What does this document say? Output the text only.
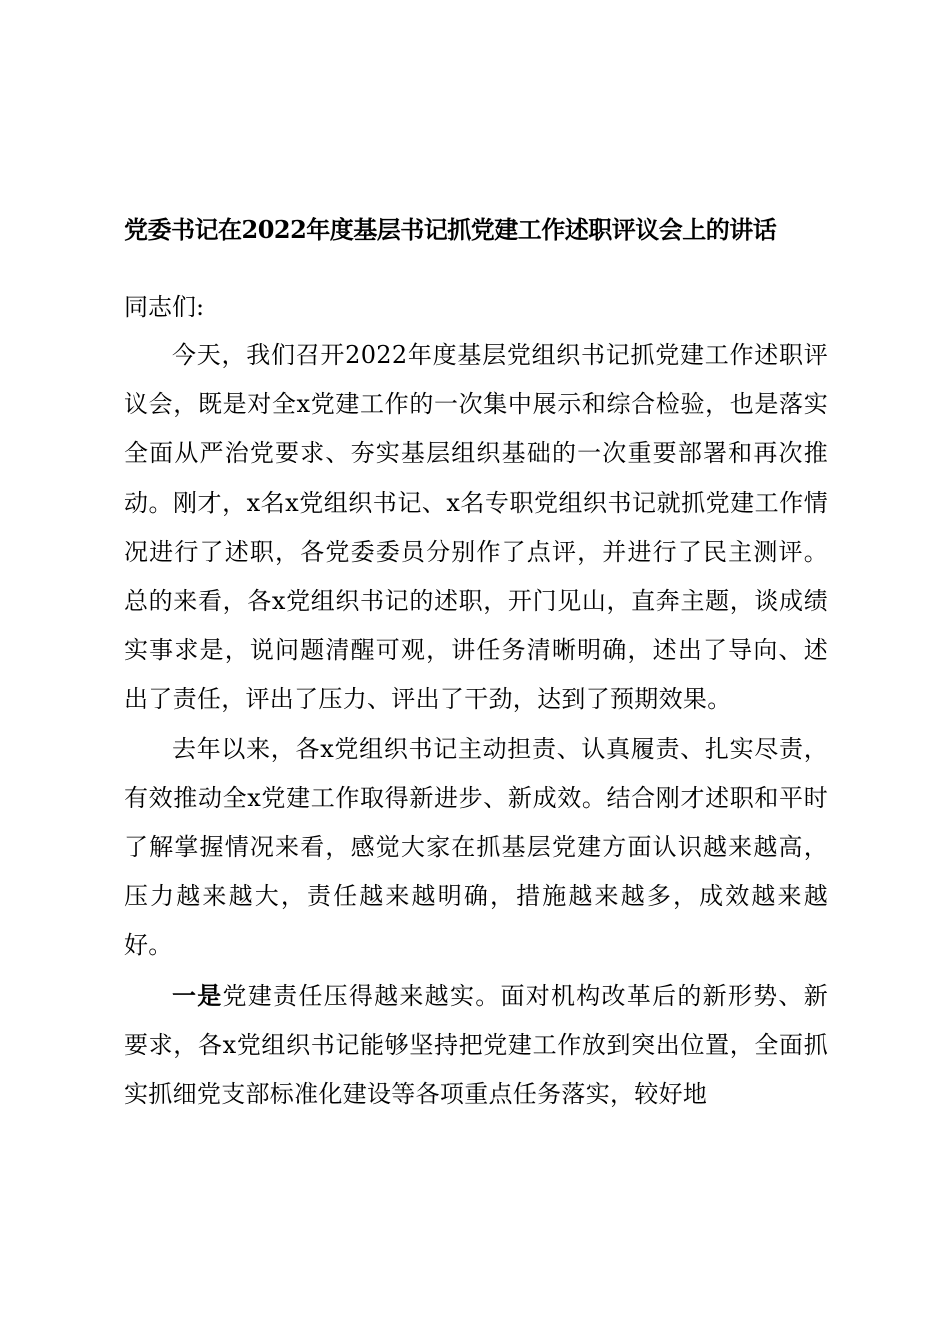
党委书记在2022年度基层书记抓党建工作述职评议会上的讲话

同志们:

今天，我们召开2022年度基层党组织书记抓党建工作述职评议会，既是对全x党建工作的一次集中展示和综合检验，也是落实全面从严治党要求、夯实基层组织基础的一次重要部署和再次推动。刚才，x名x党组织书记、x名专职党组织书记就抓党建工作情况进行了述职，各党委委员分别作了点评，并进行了民主测评。总的来看，各x党组织书记的述职，开门见山，直奔主题，谈成绩实事求是，说问题清醒可观，讲任务清晰明确，述出了导向、述出了责任，评出了压力、评出了干劲，达到了预期效果。

去年以来，各x党组织书记主动担责、认真履责、扎实尽责，有效推动全x党建工作取得新进步、新成效。结合刚才述职和平时了解掌握情况来看，感觉大家在抓基层党建方面认识越来越高，压力越来越大，责任越来越明确，措施越来越多，成效越来越好。

一是党建责任压得越来越实。面对机构改革后的新形势、新要求，各x党组织书记能够坚持把党建工作放到突出位置，全面抓实抓细党支部标准化建设等各项重点任务落实，较好地
